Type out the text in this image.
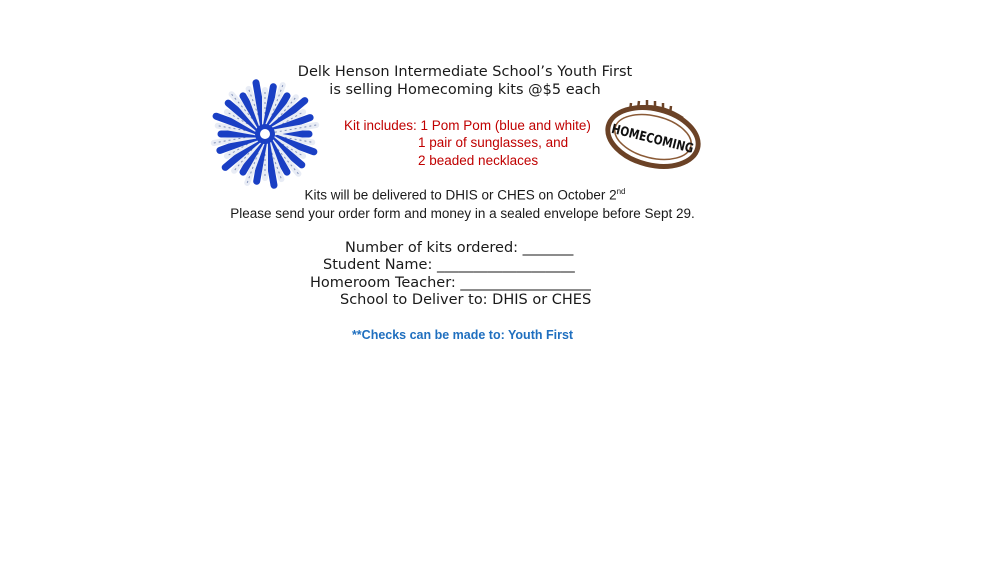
Delk Henson Intermediate School’s Youth First

is selling Homecoming kits @$5 each

Kit includes: 1 Pom Pom (blue and white)

1 pair of sunglasses, and

2 beaded necklaces	HOMECOMING

Kits will be delivered to DHIS or CHES on October 2nd

Please send your order form and money in a sealed envelope before Sept 29.

Number of kits ordered: _______

Student Name: ___________________

Homeroom Teacher: __________________

School to Deliver to: DHIS or CHES

**Checks can be made to: Youth First
